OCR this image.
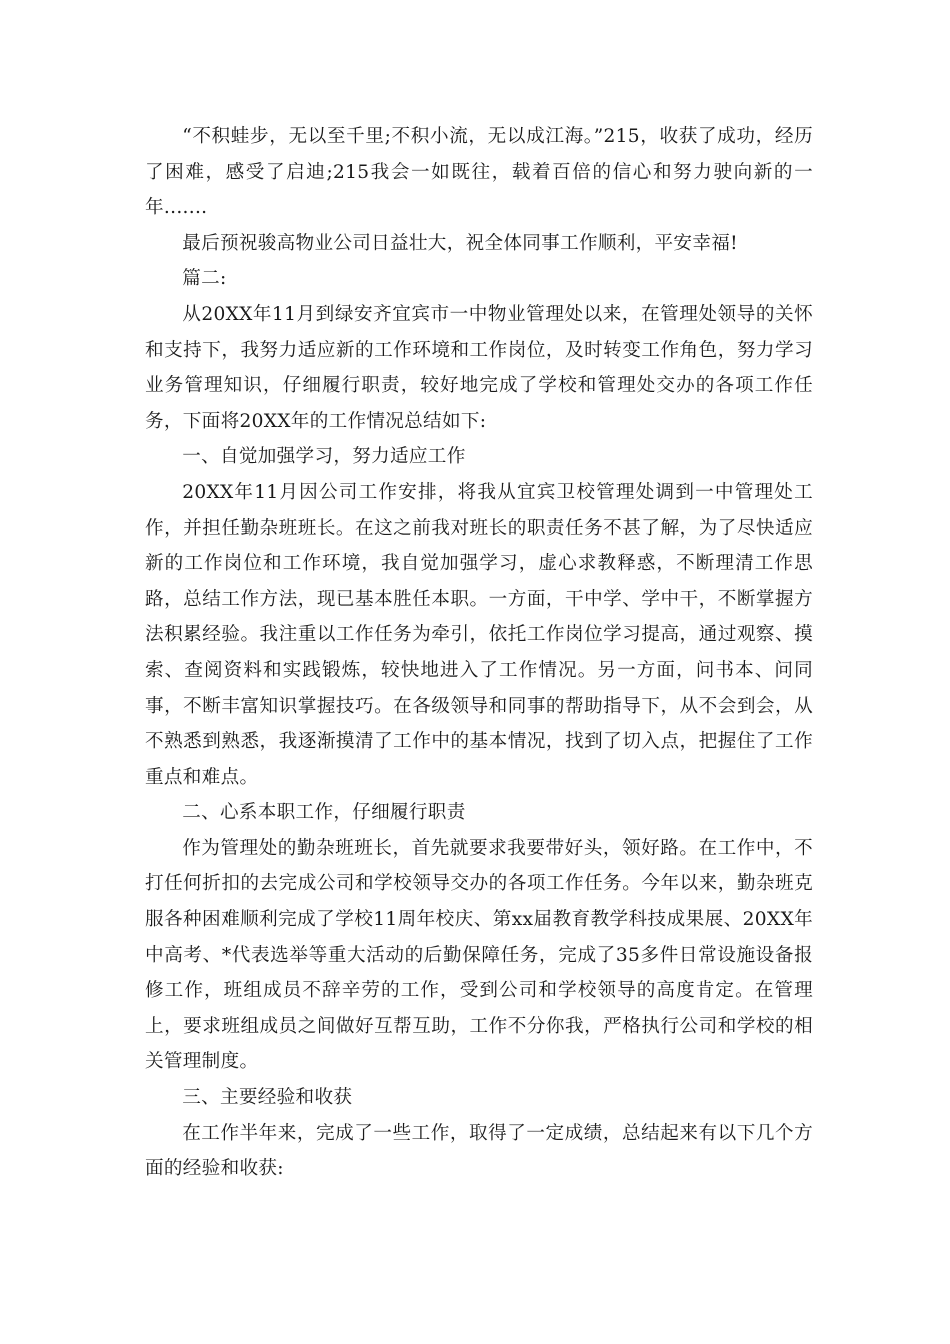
“不积蛙步，无以至千里;不积小流，无以成江海。”215，收获了成功，经历了困难，感受了启迪;215我会一如既往，载着百倍的信心和努力驶向新的一年.......

最后预祝骏高物业公司日益壮大，祝全体同事工作顺利，平安幸福!

篇二:

从20XX年11月到绿安齐宜宾市一中物业管理处以来，在管理处领导的关怀和支持下，我努力适应新的工作环境和工作岗位，及时转变工作角色，努力学习业务管理知识，仔细履行职责，较好地完成了学校和管理处交办的各项工作任务，下面将20XX年的工作情况总结如下:

一、自觉加强学习，努力适应工作

20XX年11月因公司工作安排，将我从宜宾卫校管理处调到一中管理处工作，并担任勤杂班班长。在这之前我对班长的职责任务不甚了解，为了尽快适应新的工作岗位和工作环境，我自觉加强学习，虚心求教释惑，不断理清工作思路，总结工作方法，现已基本胜任本职。一方面，干中学、学中干，不断掌握方法积累经验。我注重以工作任务为牵引，依托工作岗位学习提高，通过观察、摸索、查阅资料和实践锻炼，较快地进入了工作情况。另一方面，问书本、问同事，不断丰富知识掌握技巧。在各级领导和同事的帮助指导下，从不会到会，从不熟悉到熟悉，我逐渐摸清了工作中的基本情况，找到了切入点，把握住了工作重点和难点。

二、心系本职工作，仔细履行职责

作为管理处的勤杂班班长，首先就要求我要带好头，领好路。在工作中，不打任何折扣的去完成公司和学校领导交办的各项工作任务。今年以来，勤杂班克服各种困难顺利完成了学校11周年校庆、第xx届教育教学科技成果展、20XX年中高考、*代表选举等重大活动的后勤保障任务，完成了35多件日常设施设备报修工作，班组成员不辞辛劳的工作，受到公司和学校领导的高度肯定。在管理上，要求班组成员之间做好互帮互助，工作不分你我，严格执行公司和学校的相关管理制度。

三、主要经验和收获

在工作半年来，完成了一些工作，取得了一定成绩，总结起来有以下几个方面的经验和收获:
